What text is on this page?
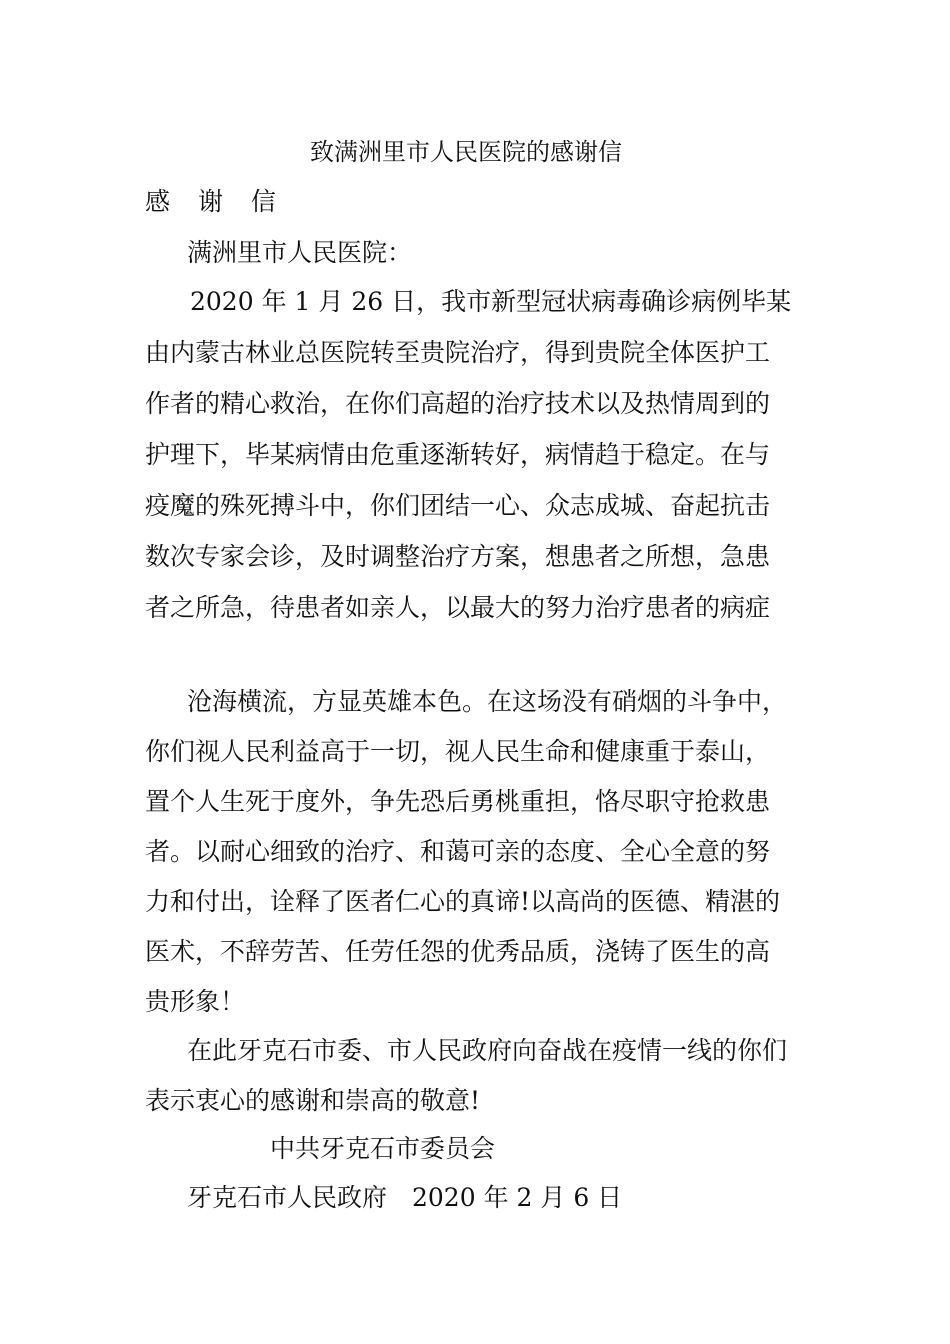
致满洲里市人民医院的感谢信
感 谢 信
满洲里市人民医院：
2020 年 1 月 26 日，我市新型冠状病毒确诊病例毕某
由内蒙古林业总医院转至贵院治疗，得到贵院全体医护工
作者的精心救治，在你们高超的治疗技术以及热情周到的
护理下，毕某病情由危重逐渐转好，病情趋于稳定。在与
疫魔的殊死搏斗中，你们团结一心、众志成城、奋起抗击
数次专家会诊，及时调整治疗方案，想患者之所想，急患
者之所急，待患者如亲人，以最大的努力治疗患者的病症
沧海横流，方显英雄本色。在这场没有硝烟的斗争中，
你们视人民利益高于一切，视人民生命和健康重于泰山，
置个人生死于度外，争先恐后勇桃重担，恪尽职守抢救患
者。以耐心细致的治疗、和蔼可亲的态度、全心全意的努
力和付出，诠释了医者仁心的真谛!以高尚的医德、精湛的
医术，不辞劳苦、任劳任怨的优秀品质，浇铸了医生的高
贵形象！
在此牙克石市委、市人民政府向奋战在疫情一线的你们
表示衷心的感谢和崇高的敬意!
中共牙克石市委员会
牙克石市人民政府　2020 年 2 月 6 日
